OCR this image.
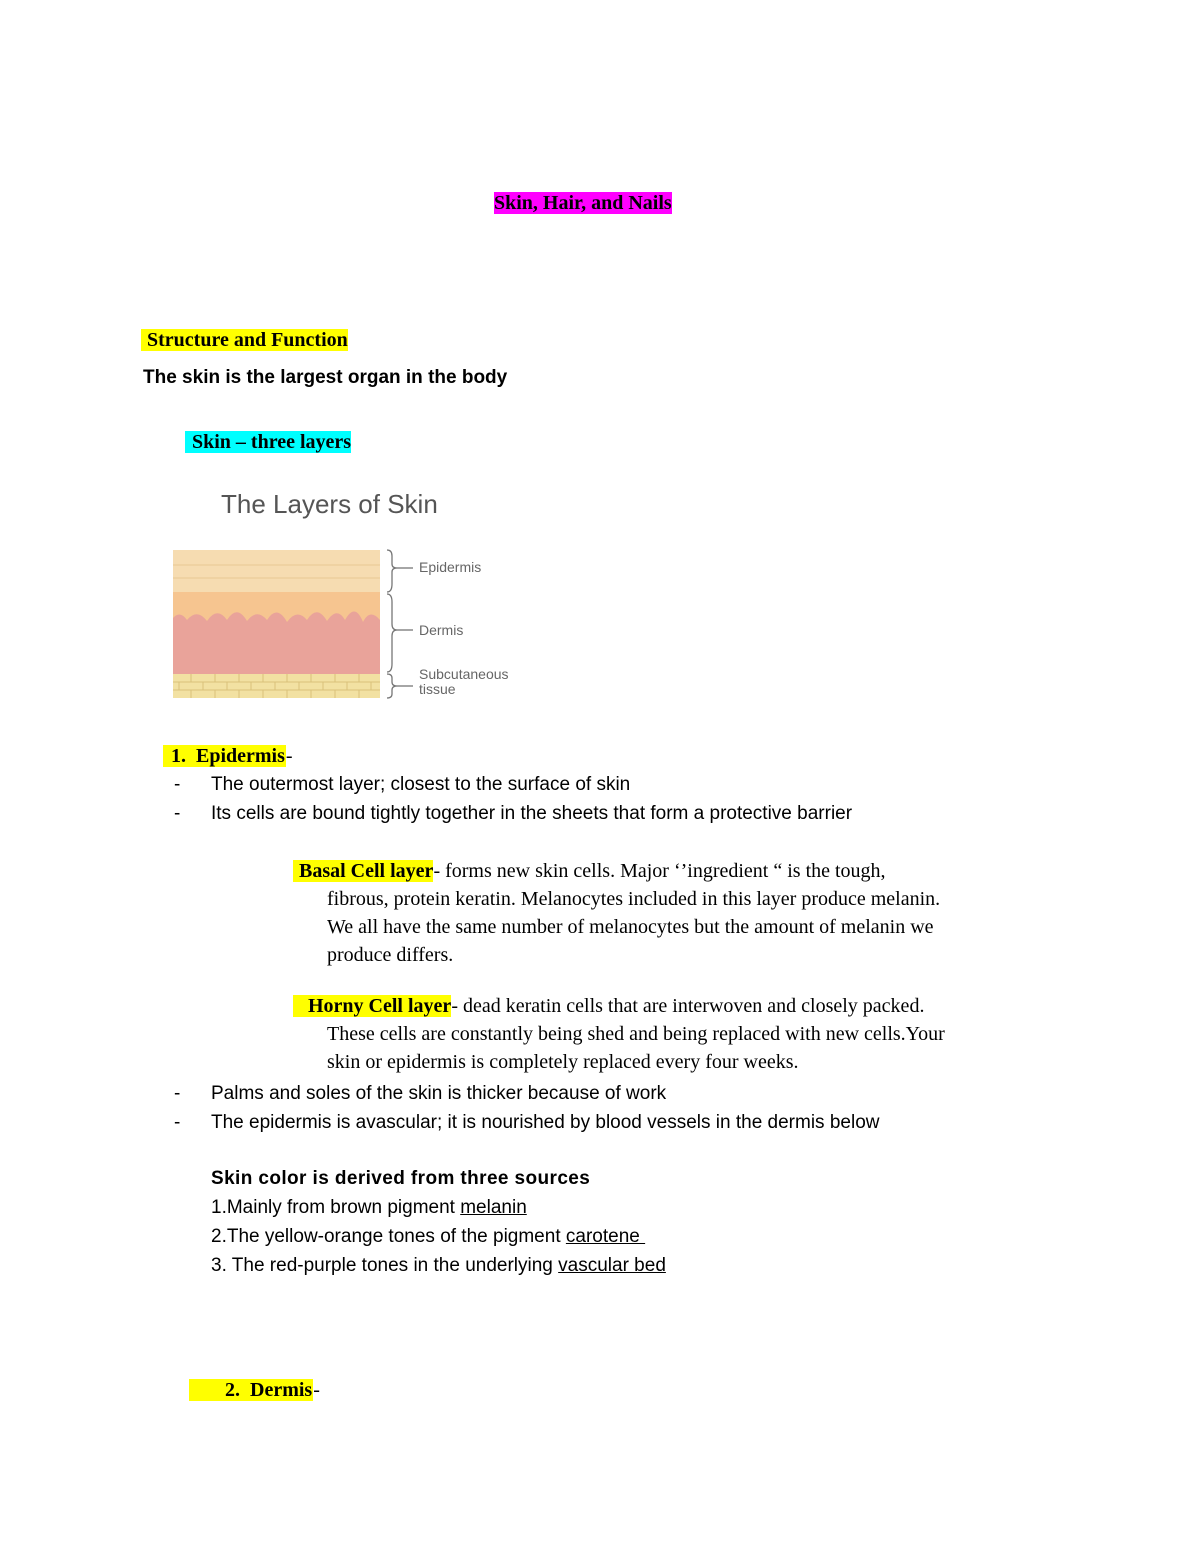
Skin, Hair, and Nails
Structure and Function
The skin is the largest organ in the body
Skin – three layers
The Layers of Skin
Epidermis
Dermis
Subcutaneous
tissue
1. Epidermis-
- The outermost layer; closest to the surface of skin
- Its cells are bound tightly together in the sheets that form a protective barrier
Basal Cell layer- forms new skin cells. Major ‘’ingredient “ is the tough,
fibrous, protein keratin. Melanocytes included in this layer produce melanin.
We all have the same number of melanocytes but the amount of melanin we
produce differs.
Horny Cell layer- dead keratin cells that are interwoven and closely packed.
These cells are constantly being shed and being replaced with new cells.Your
skin or epidermis is completely replaced every four weeks.
- Palms and soles of the skin is thicker because of work
- The epidermis is avascular; it is nourished by blood vessels in the dermis below
Skin color is derived from three sources
1.Mainly from brown pigment melanin
2.The yellow-orange tones of the pigment carotene
3. The red-purple tones in the underlying vascular bed
2. Dermis-
